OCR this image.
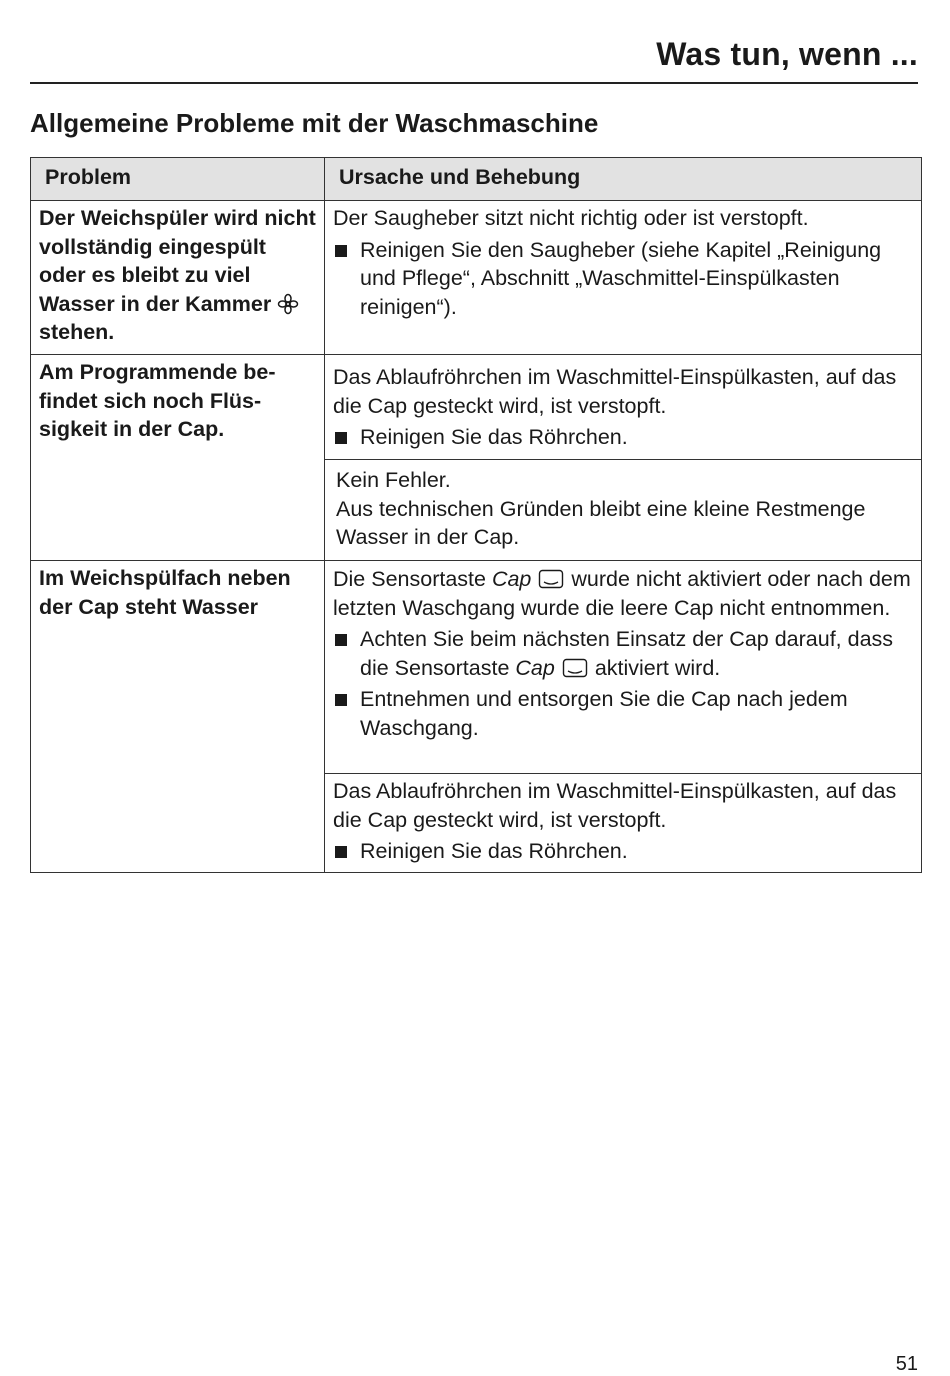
Was tun, wenn ...
Allgemeine Probleme mit der Waschmaschine
Problem	Ursache und Behebung
Der Weichspüler wird nicht vollständig eingespült oder es bleibt zu viel Wasser in der Kammer  stehen.	Der Saugheber sitzt nicht richtig oder ist verstopft.

Reinigen Sie den Saugheber (siehe Kapitel „Reinigung und Pflege“, Abschnitt „Waschmittel-Einspülkasten reinigen“).

Am Programmende befindet sich noch Flüssigkeit in der Cap.	Das Ablaufröhrchen im Waschmittel-Einspülkasten, auf das die Cap gesteckt wird, ist verstopft.

Reinigen Sie das Röhrchen.

	Kein Fehler.

Aus technischen Gründen bleibt eine kleine Restmenge Wasser in der Cap.

Im Weichspülfach neben der Cap steht Wasser	Die Sensortaste Cap wurde nicht aktiviert oder nach dem letzten Waschgang wurde die leere Cap nicht entnommen.

Achten Sie beim nächsten Einsatz der Cap darauf, dass die Sensortaste Cap aktiviert wird.
Entnehmen und entsorgen Sie die Cap nach jedem Waschgang.

	Das Ablaufröhrchen im Waschmittel-Einspülkasten, auf das die Cap gesteckt wird, ist verstopft.

Reinigen Sie das Röhrchen.
51
